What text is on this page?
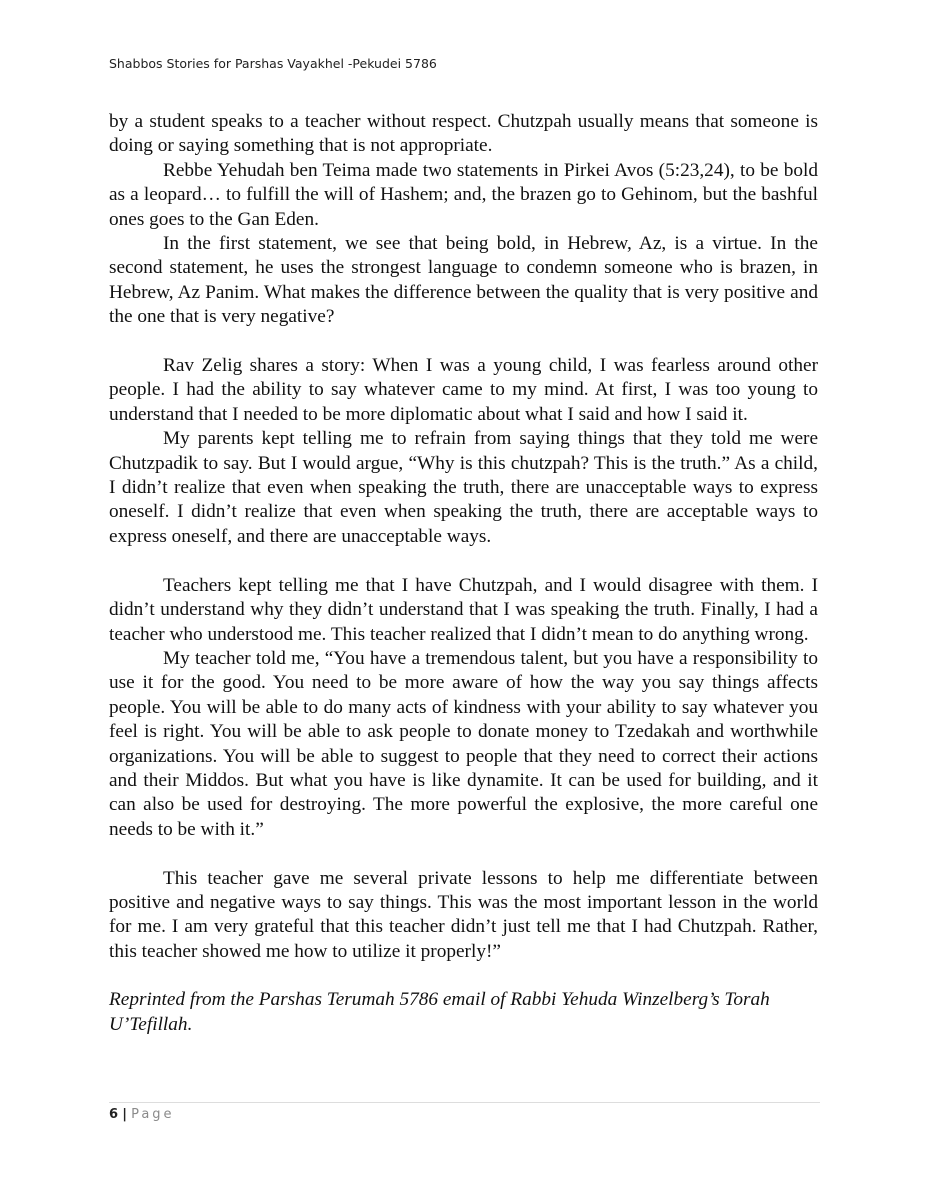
Shabbos Stories for Parshas Vayakhel -Pekudei 5786

by a student speaks to a teacher without respect. Chutzpah usually means that someone is doing or saying something that is not appropriate.

Rebbe Yehudah ben Teima made two statements in Pirkei Avos (5:23,24), to be bold as a leopard… to fulfill the will of Hashem; and, the brazen go to Gehinom, but the bashful ones goes to the Gan Eden.

In the first statement, we see that being bold, in Hebrew, Az, is a virtue. In the second statement, he uses the strongest language to condemn someone who is brazen, in Hebrew, Az Panim. What makes the difference between the quality that is very positive and the one that is very negative?

Rav Zelig shares a story: When I was a young child, I was fearless around other people. I had the ability to say whatever came to my mind. At first, I was too young to understand that I needed to be more diplomatic about what I said and how I said it.

My parents kept telling me to refrain from saying things that they told me were Chutzpadik to say. But I would argue, “Why is this chutzpah? This is the truth.” As a child, I didn’t realize that even when speaking the truth, there are unacceptable ways to express oneself. I didn’t realize that even when speaking the truth, there are acceptable ways to express oneself, and there are unacceptable ways.

Teachers kept telling me that I have Chutzpah, and I would disagree with them. I didn’t understand why they didn’t understand that I was speaking the truth. Finally, I had a teacher who understood me. This teacher realized that I didn’t mean to do anything wrong.

My teacher told me, “You have a tremendous talent, but you have a responsibility to use it for the good. You need to be more aware of how the way you say things affects people. You will be able to do many acts of kindness with your ability to say whatever you feel is right. You will be able to ask people to donate money to Tzedakah and worthwhile organizations. You will be able to suggest to people that they need to correct their actions and their Middos. But what you have is like dynamite. It can be used for building, and it can also be used for destroying. The more powerful the explosive, the more careful one needs to be with it.”

This teacher gave me several private lessons to help me differentiate between positive and negative ways to say things. This was the most important lesson in the world for me. I am very grateful that this teacher didn’t just tell me that I had Chutzpah. Rather, this teacher showed me how to utilize it properly!”

Reprinted from the Parshas Terumah 5786 email of Rabbi Yehuda Winzelberg’s Torah U’Tefillah.

6 | Page
